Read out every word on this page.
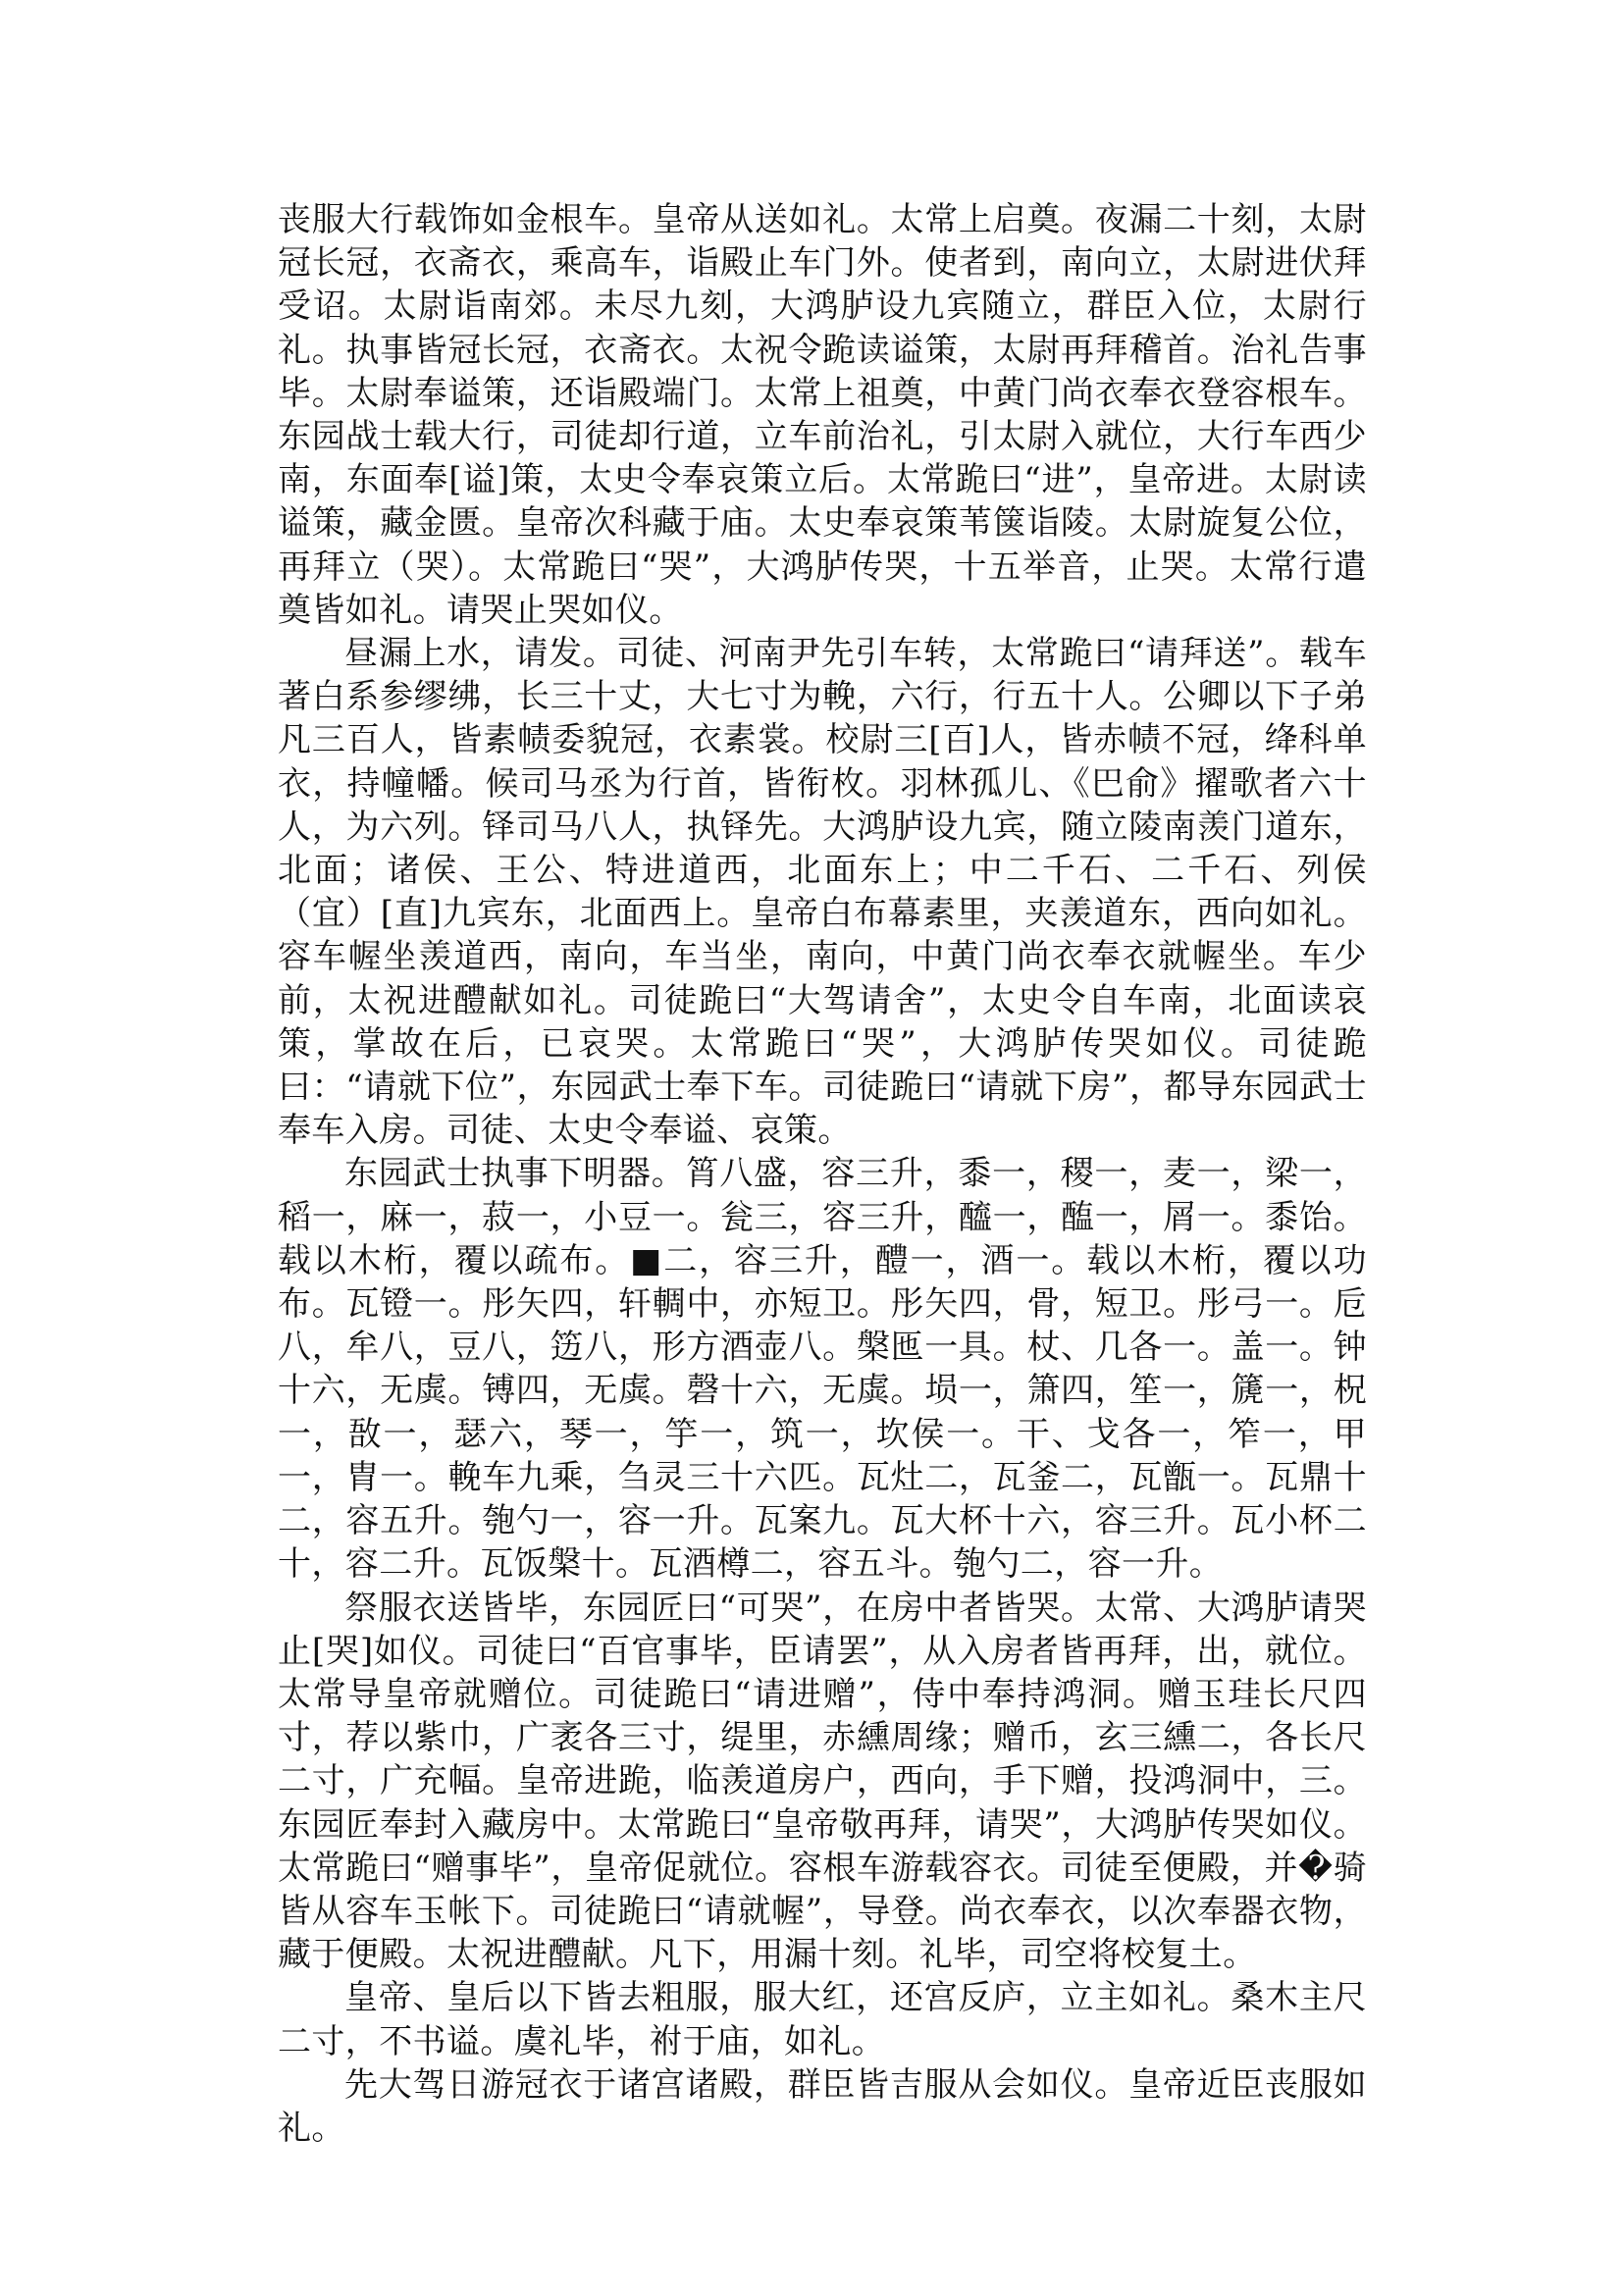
丧服大行载饰如金根车。皇帝从送如礼。太常上启奠。夜漏二十刻，太尉冠长冠，衣斋衣，乘高车，诣殿止车门外。使者到，南向立，太尉进伏拜受诏。太尉诣南郊。未尽九刻，大鸿胪设九宾随立，群臣入位，太尉行礼。执事皆冠长冠，衣斋衣。太祝令跪读谥策，太尉再拜稽首。治礼告事毕。太尉奉谥策，还诣殿端门。太常上祖奠，中黄门尚衣奉衣登容根车。东园战士载大行，司徒却行道，立车前治礼，引太尉入就位，大行车西少南，东面奉[谥]策，太史令奉哀策立后。太常跪曰“进”，皇帝进。太尉读谥策，藏金匮。皇帝次科藏于庙。太史奉哀策苇箧诣陵。太尉旋复公位，再拜立（哭）。太常跪曰“哭”，大鸿胪传哭，十五举音，止哭。太常行遣奠皆如礼。请哭止哭如仪。

昼漏上水，请发。司徒、河南尹先引车转，太常跪曰“请拜送”。载车著白系参缪绋，长三十丈，大七寸为輓，六行，行五十人。公卿以下子弟凡三百人，皆素帻委貌冠，衣素裳。校尉三[百]人，皆赤帻不冠，绛科单衣，持幢幡。候司马丞为行首，皆衔枚。羽林孤儿、《巴俞》擢歌者六十人，为六列。铎司马八人，执铎先。大鸿胪设九宾，随立陵南羡门道东，北面；诸侯、王公、特进道西，北面东上；中二千石、二千石、列侯（宜）[直]九宾东，北面西上。皇帝白布幕素里，夹羡道东，西向如礼。容车幄坐羡道西，南向，车当坐，南向，中黄门尚衣奉衣就幄坐。车少前，太祝进醴献如礼。司徒跪曰“大驾请舍”，太史令自车南，北面读哀策，掌故在后，已哀哭。太常跪曰“哭”，大鸿胪传哭如仪。司徒跪曰：“请就下位”，东园武士奉下车。司徒跪曰“请就下房”，都导东园武士奉车入房。司徒、太史令奉谥、哀策。

东园武士执事下明器。筲八盛，容三升，黍一，稷一，麦一，梁一，稻一，麻一，菽一，小豆一。瓮三，容三升，醯一，醢一，屑一。黍饴。载以木桁，覆以疏布。■二，容三升，醴一，酒一。载以木桁，覆以功布。瓦镫一。彤矢四，轩輖中，亦短卫。彤矢四，骨，短卫。彤弓一。卮八，牟八，豆八，笾八，形方酒壶八。槃匜一具。杖、几各一。盖一。钟十六，无虡。镈四，无虡。磬十六，无虡。埙一，箫四，笙一，篪一，柷一，敔一，瑟六，琴一，竽一，筑一，坎侯一。干、戈各一，笮一，甲一，胄一。輓车九乘，刍灵三十六匹。瓦灶二，瓦釜二，瓦甑一。瓦鼎十二，容五升。匏勺一，容一升。瓦案九。瓦大杯十六，容三升。瓦小杯二十，容二升。瓦饭槃十。瓦酒樽二，容五斗。匏勺二，容一升。

祭服衣送皆毕，东园匠曰“可哭”，在房中者皆哭。太常、大鸿胪请哭止[哭]如仪。司徒曰“百官事毕，臣请罢”，从入房者皆再拜，出，就位。太常导皇帝就赠位。司徒跪曰“请进赠”，侍中奉持鸿洞。赠玉珪长尺四寸，荐以紫巾，广袤各三寸，缇里，赤纁周缘；赠币，玄三纁二，各长尺二寸，广充幅。皇帝进跪，临羡道房户，西向，手下赠，投鸿洞中，三。东园匠奉封入藏房中。太常跪曰“皇帝敬再拜，请哭”，大鸿胪传哭如仪。太常跪曰“赠事毕”，皇帝促就位。容根车游载容衣。司徒至便殿，并�骑皆从容车玉帐下。司徒跪曰“请就幄”，导登。尚衣奉衣，以次奉器衣物，藏于便殿。太祝进醴献。凡下，用漏十刻。礼毕，司空将校复土。

皇帝、皇后以下皆去粗服，服大红，还宫反庐，立主如礼。桑木主尺二寸，不书谥。虞礼毕，祔于庙，如礼。

先大驾日游冠衣于诸宫诸殿，群臣皆吉服从会如仪。皇帝近臣丧服如礼。
